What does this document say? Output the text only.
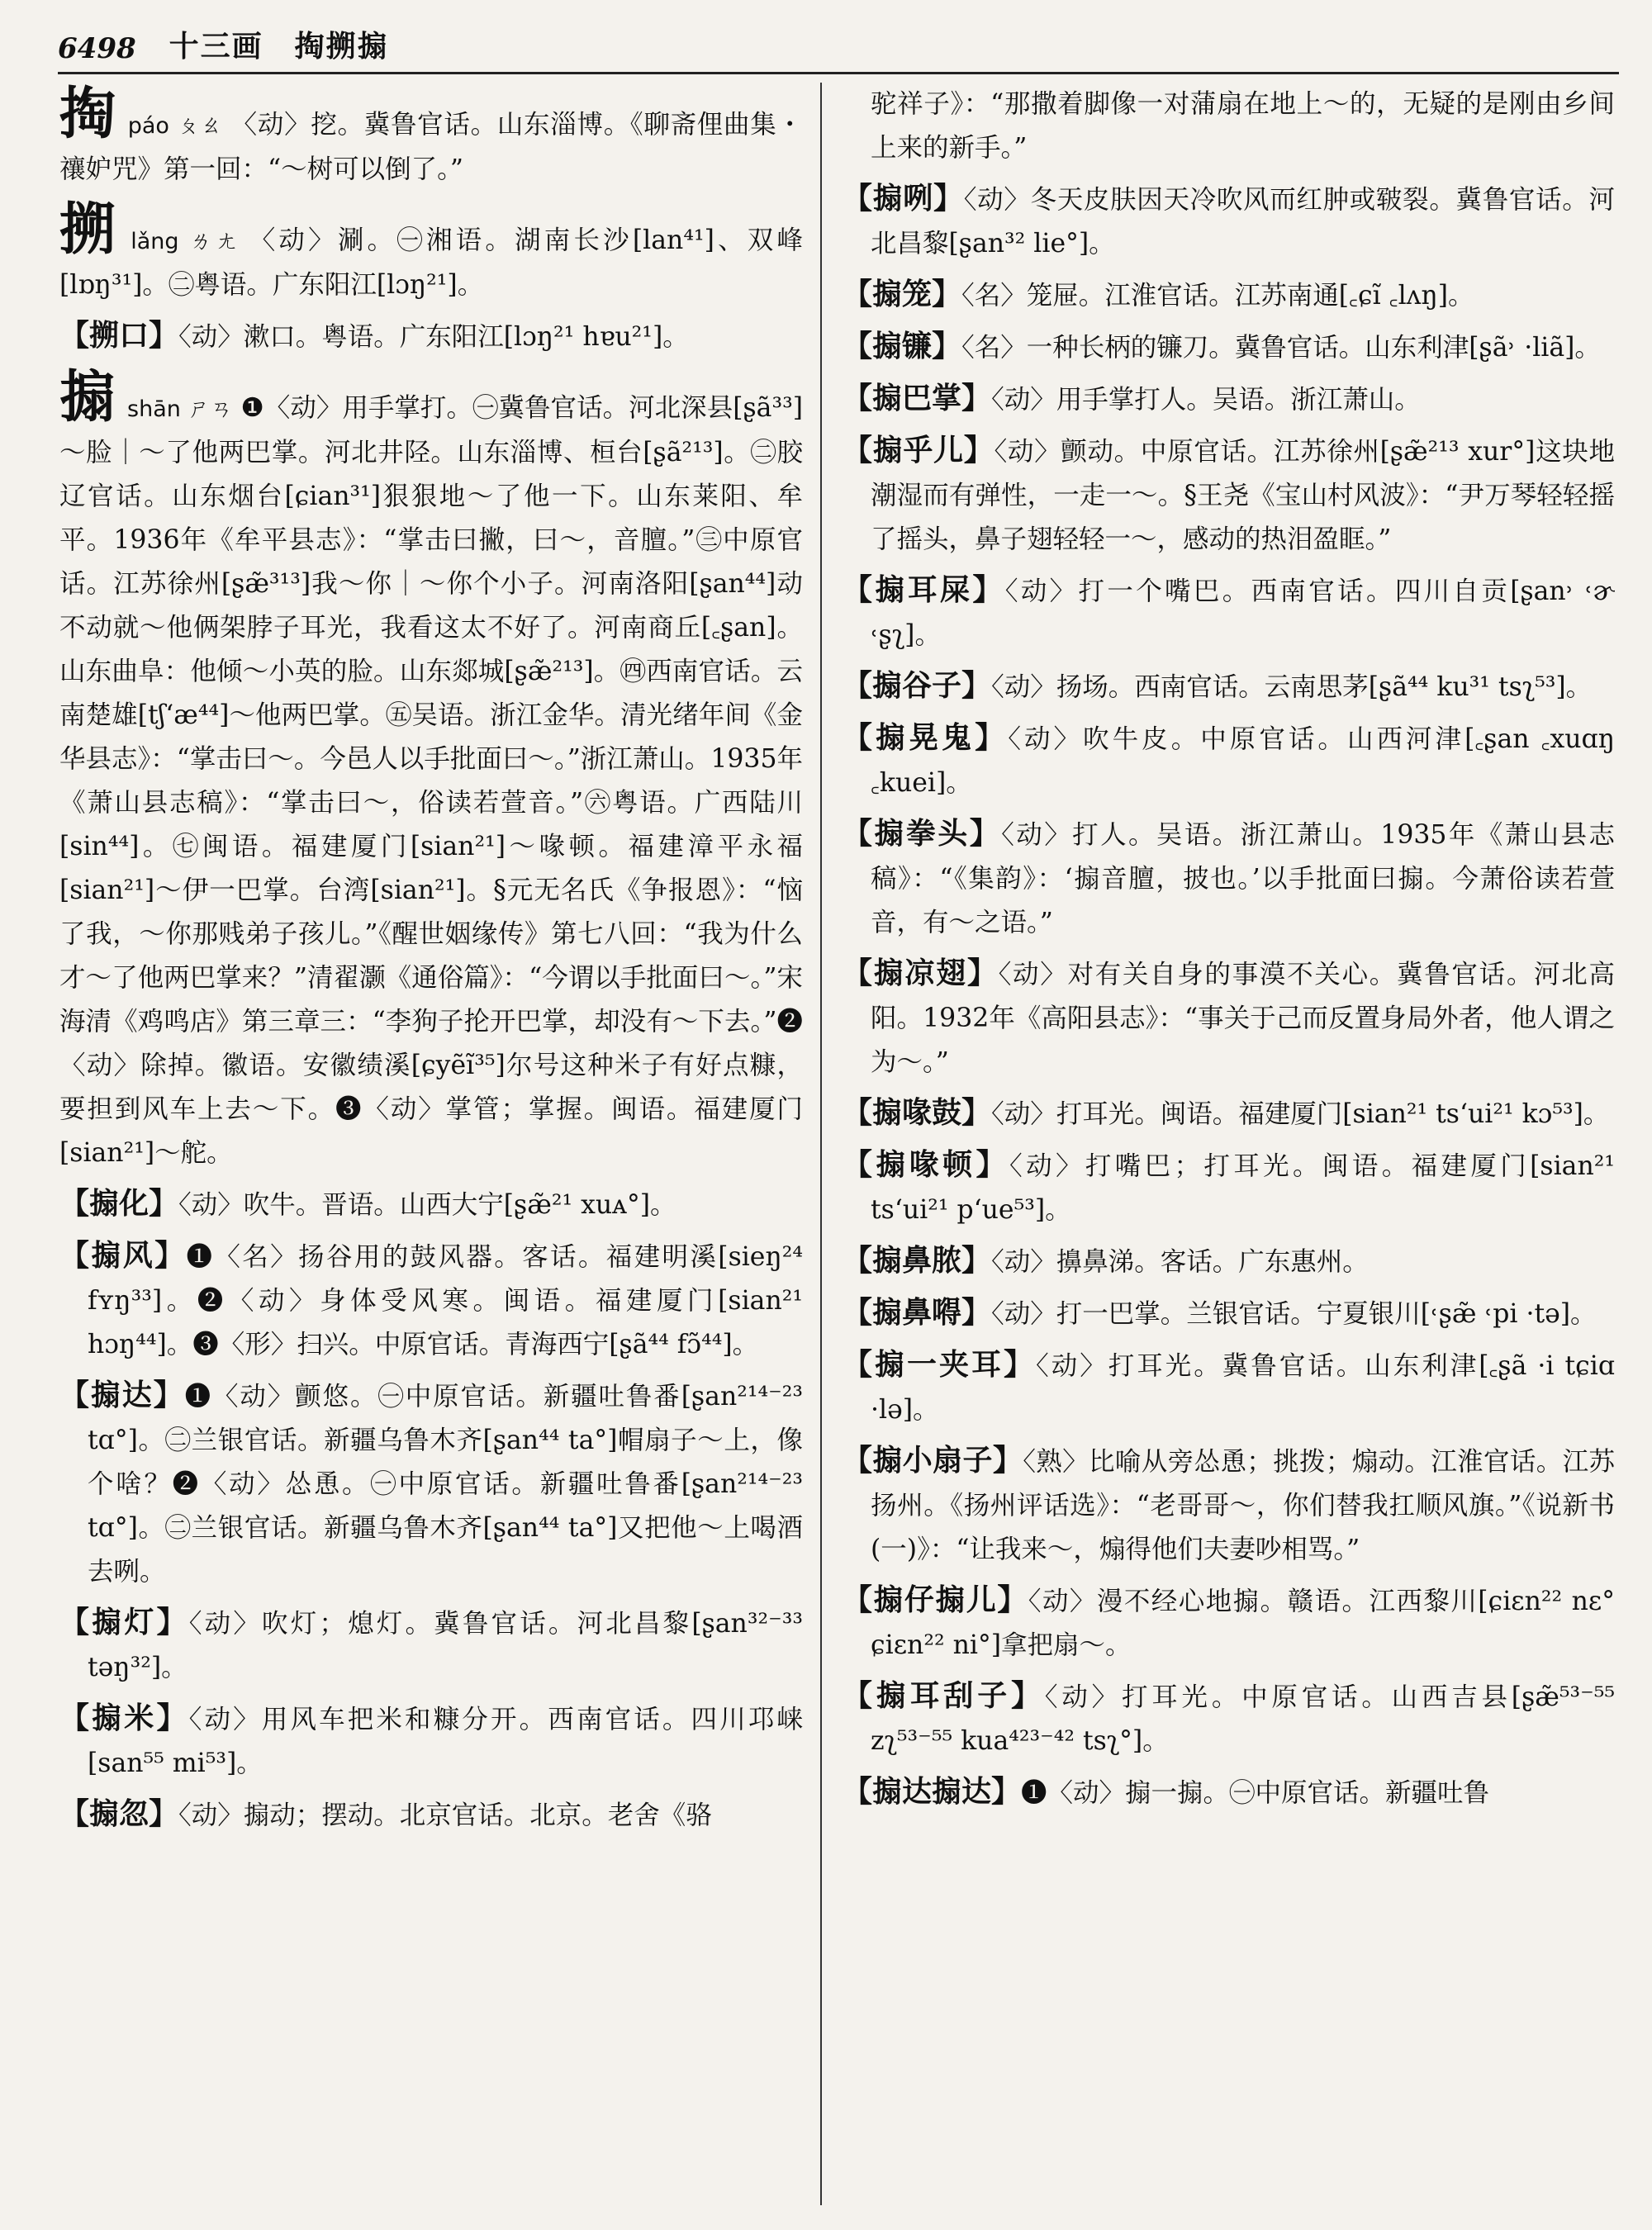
6498 十三画　掏搠搧

掏páo ㄆㄠ 〈动〉挖。冀鲁官话。山东淄博。《聊斋俚曲集・禳妒咒》第一回：“～树可以倒了。”

搠lǎng ㄌㄤ 〈动〉涮。㊀湘语。湖南长沙[lan⁴¹]、双峰[lɒŋ³¹]。㊁粤语。广东阳江[lɔŋ²¹]。

【搠口】〈动〉漱口。粤语。广东阳江[lɔŋ²¹ hɐu²¹]。

搧shān ㄕㄢ ❶〈动〉用手掌打。㊀冀鲁官话。河北深县[ʂã³³]～脸｜～了他两巴掌。河北井陉。山东淄博、桓台[ʂã²¹³]。㊁胶辽官话。山东烟台[ɕian³¹]狠狠地～了他一下。山东莱阳、牟平。1936年《牟平县志》：“掌击曰撇，曰～，音膻。”㊂中原官话。江苏徐州[ʂæ̃³¹³]我～你｜～你个小子。河南洛阳[ʂan⁴⁴]动不动就～他俩架脖子耳光，我看这太不好了。河南商丘[꜀ʂan]。山东曲阜：他倾～小英的脸。山东郯城[ʂæ̃²¹³]。㊃西南官话。云南楚雄[tʃ‘æ⁴⁴]～他两巴掌。㊄吴语。浙江金华。清光绪年间《金华县志》：“掌击曰～。今邑人以手批面曰～。”浙江萧山。1935年《萧山县志稿》：“掌击曰～，俗读若萱音。”㊅粤语。广西陆川[sin⁴⁴]。㊆闽语。福建厦门[sian²¹]～喙顿。福建漳平永福[sian²¹]～伊一巴掌。台湾[sian²¹]。§元无名氏《争报恩》：“恼了我，～你那贱弟子孩儿。”《醒世姻缘传》第七八回：“我为什么才～了他两巴掌来？”清翟灏《通俗篇》：“今谓以手批面曰～。”宋海清《鸡鸣店》第三章三：“李狗子抡开巴掌，却没有～下去。”❷〈动〉除掉。徽语。安徽绩溪[ɕyẽĩ³⁵]尔号这种米子有好点糠，要担到风车上去～下。❸〈动〉掌管；掌握。闽语。福建厦门[sian²¹]～舵。

【搧化】〈动〉吹牛。晋语。山西大宁[ʂæ̃²¹ xuᴀ°]。

【搧风】❶〈名〉扬谷用的鼓风器。客话。福建明溪[sieŋ²⁴ fʏŋ³³]。❷〈动〉身体受风寒。闽语。福建厦门[sian²¹ hɔŋ⁴⁴]。❸〈形〉扫兴。中原官话。青海西宁[ʂã⁴⁴ fɔ̃⁴⁴]。

【搧达】❶〈动〉颤悠。㊀中原官话。新疆吐鲁番[ʂan²¹⁴⁻²³ tɑ°]。㊁兰银官话。新疆乌鲁木齐[ʂan⁴⁴ ta°]帽扇子～上，像个啥？❷〈动〉怂恿。㊀中原官话。新疆吐鲁番[ʂan²¹⁴⁻²³ tɑ°]。㊁兰银官话。新疆乌鲁木齐[ʂan⁴⁴ ta°]又把他～上喝酒去咧。

【搧灯】〈动〉吹灯；熄灯。冀鲁官话。河北昌黎[ʂan³²⁻³³ təŋ³²]。

【搧米】〈动〉用风车把米和糠分开。西南官话。四川邛崃[san⁵⁵ mi⁵³]。

【搧忽】〈动〉搧动；摆动。北京官话。北京。老舍《骆

驼祥子》：“那撒着脚像一对蒲扇在地上～的，无疑的是刚由乡间上来的新手。”

【搧咧】〈动〉冬天皮肤因天冷吹风而红肿或皲裂。冀鲁官话。河北昌黎[ʂan³² lie°]。

【搧笼】〈名〉笼屉。江淮官话。江苏南通[꜀ɕĩ ꜀lʌŋ]。

【搧镰】〈名〉一种长柄的镰刀。冀鲁官话。山东利津[ʂã˒ ·liã]。

【搧巴掌】〈动〉用手掌打人。吴语。浙江萧山。

【搧乎儿】〈动〉颤动。中原官话。江苏徐州[ʂæ̃²¹³ xur°]这块地潮湿而有弹性，一走一～。§王尧《宝山村风波》：“尹万琴轻轻摇了摇头，鼻子翅轻轻一～，感动的热泪盈眶。”

【搧耳屎】〈动〉打一个嘴巴。西南官话。四川自贡[ʂan˒ ˓ɚ ˓ʂʅ]。

【搧谷子】〈动〉扬场。西南官话。云南思茅[ʂã⁴⁴ ku³¹ tsʅ⁵³]。

【搧晃鬼】〈动〉吹牛皮。中原官话。山西河津[꜀ʂan ꜀xuɑŋ ꜀kuei]。

【搧拳头】〈动〉打人。吴语。浙江萧山。1935年《萧山县志稿》：“《集韵》：‘搧音膻，披也。’以手批面曰搧。今萧俗读若萱音，有～之语。”

【搧凉翅】〈动〉对有关自身的事漠不关心。冀鲁官话。河北高阳。1932年《高阳县志》：“事关于己而反置身局外者，他人谓之为～。”

【搧喙鼓】〈动〉打耳光。闽语。福建厦门[sian²¹ ts‘ui²¹ kɔ⁵³]。

【搧喙顿】〈动〉打嘴巴；打耳光。闽语。福建厦门[sian²¹ ts‘ui²¹ p‘ue⁵³]。

【搧鼻脓】〈动〉擤鼻涕。客话。广东惠州。

【搧鼻嘚】〈动〉打一巴掌。兰银官话。宁夏银川[˓ʂæ̃ ˓pi ·tə]。

【搧一夹耳】〈动〉打耳光。冀鲁官话。山东利津[꜀ʂã ·i tɕiɑ ·lə]。

【搧小扇子】〈熟〉比喻从旁怂恿；挑拨；煽动。江淮官话。江苏扬州。《扬州评话选》：“老哥哥～，你们替我扛顺风旗。”《说新书(一)》：“让我来～，煽得他们夫妻吵相骂。”

【搧仔搧儿】〈动〉漫不经心地搧。赣语。江西黎川[ɕiɛn²² nɛ° ɕiɛn²² ni°]拿把扇～。

【搧耳刮子】〈动〉打耳光。中原官话。山西吉县[ʂæ̃⁵³⁻⁵⁵ zʅ⁵³⁻⁵⁵ kua⁴²³⁻⁴² tsʅ°]。

【搧达搧达】❶〈动〉搧一搧。㊀中原官话。新疆吐鲁
